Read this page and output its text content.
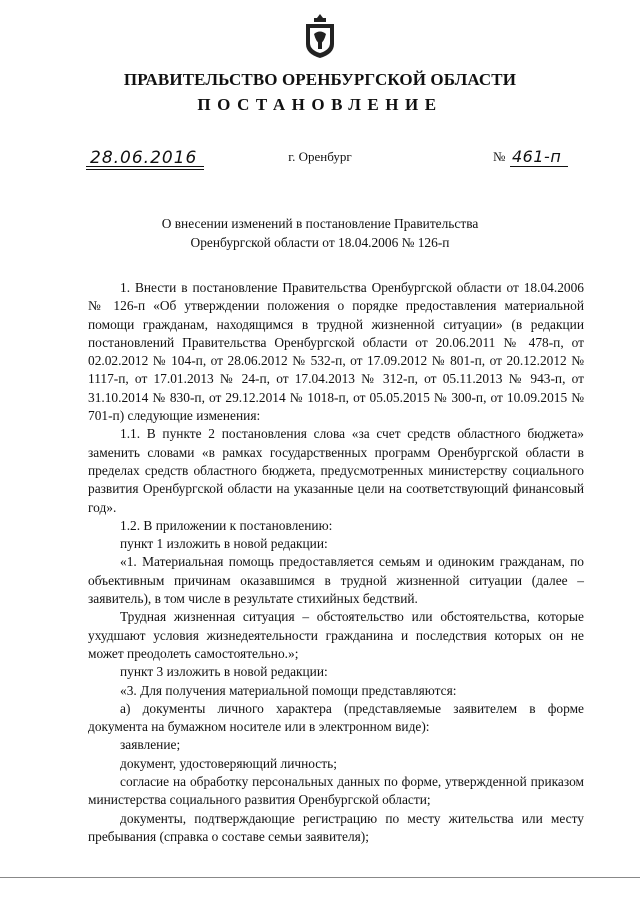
ПРАВИТЕЛЬСТВО ОРЕНБУРГСКОЙ ОБЛАСТИ
ПОСТАНОВЛЕНИЕ
28.06.2016	г. Оренбург	№ 461-п
О внесении изменений в постановление Правительства
Оренбургской области от 18.04.2006 № 126-п

1. Внести в постановление Правительства Оренбургской области от 18.04.2006 № 126-п «Об утверждении положения о порядке предоставления материальной помощи гражданам, находящимся в трудной жизненной ситуации» (в редакции постановлений Правительства Оренбургской области от 20.06.2011 № 478-п, от 02.02.2012 № 104-п, от 28.06.2012 № 532-п, от 17.09.2012 № 801-п, от 20.12.2012 № 1117-п, от 17.01.2013 № 24-п, от 17.04.2013 № 312-п, от 05.11.2013 № 943-п, от 31.10.2014 № 830-п, от 29.12.2014 № 1018-п, от 05.05.2015 № 300-п, от 10.09.2015 № 701-п) следующие изменения:

1.1. В пункте 2 постановления слова «за счет средств областного бюджета» заменить словами «в рамках государственных программ Оренбургской области в пределах средств областного бюджета, предусмотренных министерству социального развития Оренбургской области на указанные цели на соответствующий финансовый год».

1.2. В приложении к постановлению:

пункт 1 изложить в новой редакции:

«1. Материальная помощь предоставляется семьям и одиноким гражданам, по объективным причинам оказавшимся в трудной жизненной ситуации (далее – заявитель), в том числе в результате стихийных бедствий.

Трудная жизненная ситуация – обстоятельство или обстоятельства, которые ухудшают условия жизнедеятельности гражданина и последствия которых он не может преодолеть самостоятельно.»;

пункт 3 изложить в новой редакции:

«3. Для получения материальной помощи представляются:

а) документы личного характера (представляемые заявителем в форме документа на бумажном носителе или в электронном виде):

заявление;

документ, удостоверяющий личность;

согласие на обработку персональных данных по форме, утвержденной приказом министерства социального развития Оренбургской области;

документы, подтверждающие регистрацию по месту жительства или месту пребывания (справка о составе семьи заявителя);
